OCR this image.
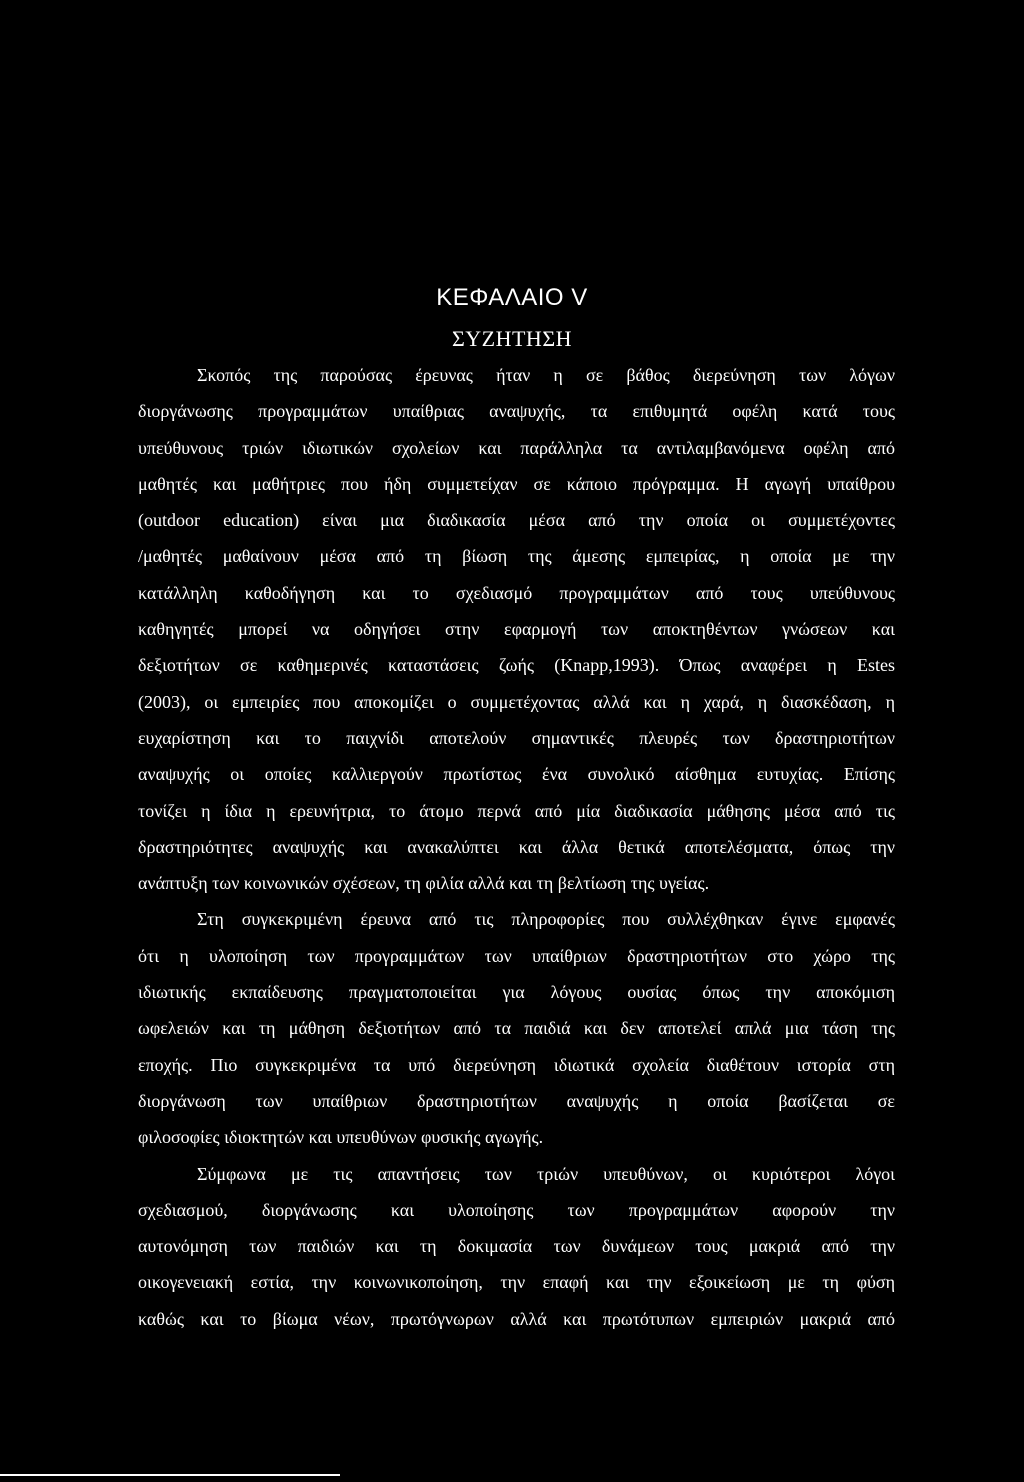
ΚΕΦΑΛΑΙΟ V
ΣΥΖΗΤΗΣΗ
Σκοπός της παρούσας έρευνας ήταν η σε βάθος διερεύνηση των λόγων
διοργάνωσης προγραμμάτων υπαίθριας αναψυχής, τα επιθυμητά οφέλη κατά τους
υπεύθυνους τριών ιδιωτικών σχολείων και παράλληλα τα αντιλαμβανόμενα οφέλη από
μαθητές και μαθήτριες που ήδη συμμετείχαν σε κάποιο πρόγραμμα. Η αγωγή υπαίθρου
(outdoor education) είναι μια διαδικασία μέσα από την οποία οι συμμετέχοντες
/μαθητές μαθαίνουν μέσα από τη βίωση της άμεσης εμπειρίας, η οποία με την
κατάλληλη καθοδήγηση και το σχεδιασμό προγραμμάτων από τους υπεύθυνους
καθηγητές μπορεί να οδηγήσει στην εφαρμογή των αποκτηθέντων γνώσεων και
δεξιοτήτων σε καθημερινές καταστάσεις ζωής (Knapp,1993). Όπως αναφέρει η Estes
(2003), οι εμπειρίες που αποκομίζει ο συμμετέχοντας αλλά και η χαρά, η διασκέδαση, η
ευχαρίστηση και το παιχνίδι αποτελούν σημαντικές πλευρές των δραστηριοτήτων
αναψυχής οι οποίες καλλιεργούν πρωτίστως ένα συνολικό αίσθημα ευτυχίας. Επίσης
τονίζει η ίδια η ερευνήτρια, το άτομο περνά από μία διαδικασία μάθησης μέσα από τις
δραστηριότητες αναψυχής και ανακαλύπτει και άλλα θετικά αποτελέσματα, όπως την
ανάπτυξη των κοινωνικών σχέσεων, τη φιλία αλλά και τη βελτίωση της υγείας.
Στη συγκεκριμένη έρευνα από τις πληροφορίες που συλλέχθηκαν έγινε εμφανές
ότι η υλοποίηση των προγραμμάτων των υπαίθριων δραστηριοτήτων στο χώρο της
ιδιωτικής εκπαίδευσης πραγματοποιείται για λόγους ουσίας όπως την αποκόμιση
ωφελειών και τη μάθηση δεξιοτήτων από τα παιδιά και δεν αποτελεί απλά μια τάση της
εποχής. Πιο συγκεκριμένα τα υπό διερεύνηση ιδιωτικά σχολεία διαθέτουν ιστορία στη
διοργάνωση των υπαίθριων δραστηριοτήτων αναψυχής η οποία βασίζεται σε
φιλοσοφίες ιδιοκτητών και υπευθύνων φυσικής αγωγής.
Σύμφωνα με τις απαντήσεις των τριών υπευθύνων, οι κυριότεροι λόγοι
σχεδιασμού, διοργάνωσης και υλοποίησης των προγραμμάτων αφορούν την
αυτονόμηση των παιδιών και τη δοκιμασία των δυνάμεων τους μακριά από την
οικογενειακή εστία, την κοινωνικοποίηση, την επαφή και την εξοικείωση με τη φύση
καθώς και το βίωμα νέων, πρωτόγνωρων αλλά και πρωτότυπων εμπειριών μακριά από
